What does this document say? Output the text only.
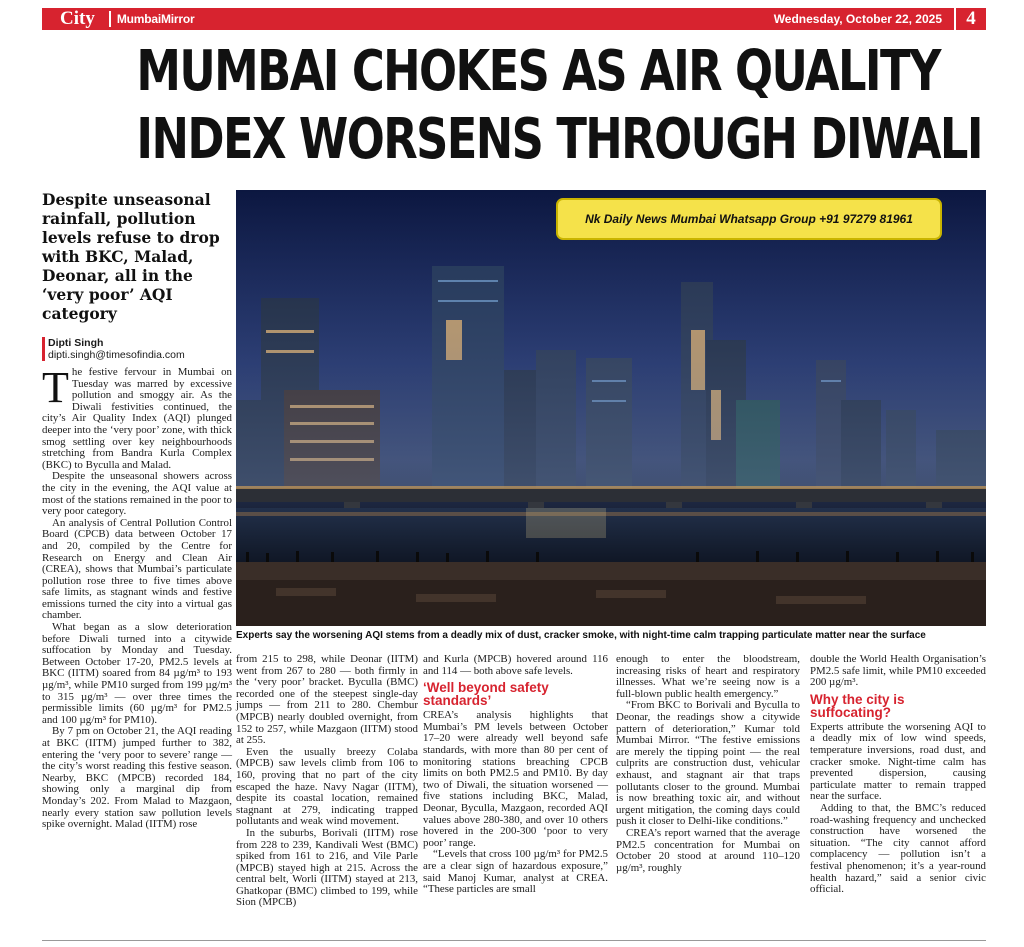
City	MumbaiMirror	Wednesday, October 22, 2025	4
MUMBAI CHOKES AS AIR QUALITY
INDEX WORSENS THROUGH DIWALI
Despite unseasonal rainfall, pollution levels refuse to drop with BKC, Malad, Deonar, all in the ‘very poor’ AQI category
Dipti Singh
dipti.singh@timesofindia.com
Nk Daily News Mumbai Whatsapp Group +91 97279 81961
Experts say the worsening AQI stems from a deadly mix of dust, cracker smoke, with night-time calm trapping particulate matter near the surface

The festive fervour in Mumbai on Tuesday was marred by excessive pollution and smoggy air. As the Diwali festivities continued, the city’s Air Quality Index (AQI) plunged deeper into the ‘very poor’ zone, with thick smog settling over key neighbourhoods stretching from Bandra Kurla Complex (BKC) to Byculla and Malad.

Despite the unseasonal showers across the city in the evening, the AQI value at most of the stations remained in the poor to very poor category.

An analysis of Central Pollution Control Board (CPCB) data between October 17 and 20, compiled by the Centre for Research on Energy and Clean Air (CREA), shows that Mumbai’s particulate pollution rose three to five times above safe limits, as stagnant winds and festive emissions turned the city into a virtual gas chamber.

What began as a slow deterioration before Diwali turned into a citywide suffocation by Monday and Tuesday. Between October 17-20, PM2.5 levels at BKC (IITM) soared from 84 µg/m³ to 193 µg/m³, while PM10 surged from 199 µg/m³ to 315 µg/m³ — over three times the permissible limits (60 µg/m³ for PM2.5 and 100 µg/m³ for PM10).

By 7 pm on October 21, the AQI reading at BKC (IITM) jumped further to 382, entering the ‘very poor to severe’ range — the city’s worst reading this festive season. Nearby, BKC (MPCB) recorded 184, showing only a marginal dip from Monday’s 202. From Malad to Mazgaon, nearly every station saw pollution levels spike overnight. Malad (IITM) rose

from 215 to 298, while Deonar (IITM) went from 267 to 280 — both firmly in the ‘very poor’ bracket. Byculla (BMC) recorded one of the steepest single-day jumps — from 211 to 280. Chembur (MPCB) nearly doubled overnight, from 152 to 257, while Mazgaon (IITM) stood at 255.

Even the usually breezy Colaba (MPCB) saw levels climb from 106 to 160, proving that no part of the city escaped the haze. Navy Nagar (IITM), despite its coastal location, remained stagnant at 279, indicating trapped pollutants and weak wind movement.

In the suburbs, Borivali (IITM) rose from 228 to 239, Kandivali West (BMC) spiked from 161 to 216, and Vile Parle (MPCB) stayed high at 215. Across the central belt, Worli (IITM) stayed at 213, Ghatkopar (BMC) climbed to 199, while Sion (MPCB)

and Kurla (MPCB) hovered around 116 and 114 — both above safe levels.

‘Well beyond safety standards’

CREA’s analysis highlights that Mumbai’s PM levels between October 17–20 were already well beyond safe standards, with more than 80 per cent of monitoring stations breaching CPCB limits on both PM2.5 and PM10. By day two of Diwali, the situation worsened — five stations including BKC, Malad, Deonar, Byculla, Mazgaon, recorded AQI values above 280-380, and over 10 others hovered in the 200-300 ‘poor to very poor’ range.

“Levels that cross 100 µg/m³ for PM2.5 are a clear sign of hazardous exposure,” said Manoj Kumar, analyst at CREA. “These particles are small

enough to enter the bloodstream, increasing risks of heart and respiratory illnesses. What we’re seeing now is a full-blown public health emergency.”

“From BKC to Borivali and Byculla to Deonar, the readings show a citywide pattern of deterioration,” Kumar told Mumbai Mirror. “The festive emissions are merely the tipping point — the real culprits are construction dust, vehicular exhaust, and stagnant air that traps pollutants closer to the ground. Mumbai is now breathing toxic air, and without urgent mitigation, the coming days could push it closer to Delhi-like conditions.”

CREA’s report warned that the average PM2.5 concentration for Mumbai on October 20 stood at around 110–120 µg/m³, roughly

double the World Health Organisation’s PM2.5 safe limit, while PM10 exceeded 200 µg/m³.

Why the city is suffocating?

Experts attribute the worsening AQI to a deadly mix of low wind speeds, temperature inversions, road dust, and cracker smoke. Night-time calm has prevented dispersion, causing particulate matter to remain trapped near the surface.

Adding to that, the BMC’s reduced road-washing frequency and unchecked construction have worsened the situation. “The city cannot afford complacency — pollution isn’t a festival phenomenon; it’s a year-round health hazard,” said a senior civic official.
